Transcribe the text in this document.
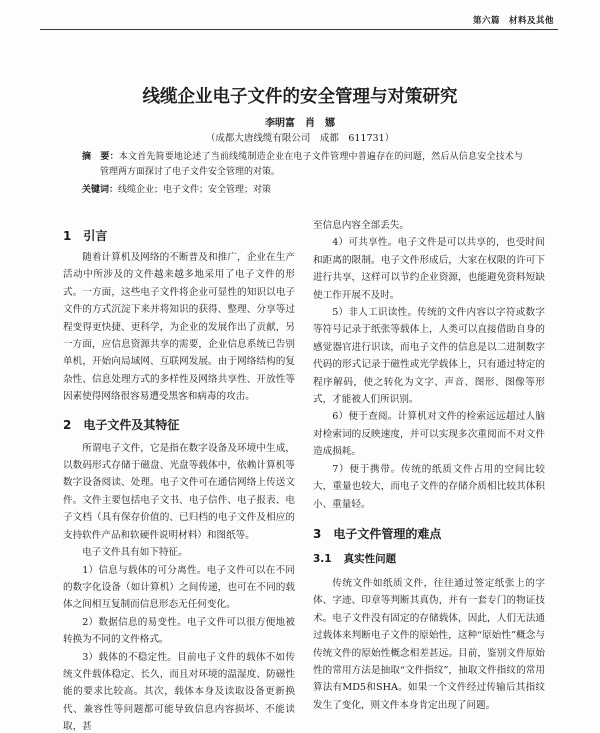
第六篇　材料及其他
线缆企业电子文件的安全管理与对策研究
李明富　肖　娜
（成都大唐线缆有限公司　成都　611731）

摘　要：本文首先简要地论述了当前线缆制造企业在电子文件管理中普遍存在的问题，然后从信息安全技术与管理两方面探讨了电子文件安全管理的对策。

关键词：线缆企业；电子文件；安全管理；对策

1 引言

随着计算机及网络的不断普及和推广，企业在生产活动中所涉及的文件越来越多地采用了电子文件的形式。一方面，这些电子文件将企业可显性的知识以电子文件的方式沉淀下来并将知识的获得、整理、分享等过程变得更快捷、更科学，为企业的发展作出了贡献，另一方面，应信息资源共享的需要，企业信息系统已告别单机，开始向局域网、互联网发展。由于网络结构的复杂性、信息处理方式的多样性及网络共享性、开放性等因素使得网络很容易遭受黑客和病毒的攻击。

2 电子文件及其特征

所谓电子文件，它是指在数字设备及环境中生成，以数码形式存储于磁盘、光盘等载体中，依赖计算机等数字设备阅读、处理。电子文件可在通信网络上传送文件。文件主要包括电子文书、电子信件、电子报表、电子文档（具有保存价值的、已归档的电子文件及相应的支持软件产品和软硬件说明材料）和图纸等。

电子文件具有如下特征。

1）信息与载体的可分离性。电子文件可以在不同的数字化设备（如计算机）之间传递，也可在不同的载体之间相互复制而信息形态无任何变化。

2）数据信息的易变性。电子文件可以很方便地被转换为不同的文件格式。

3）载体的不稳定性。目前电子文件的载体不如传统文件载体稳定、长久，而且对环境的温湿度、防磁性能的要求比较高。其次，载体本身及读取设备更新换代、兼容性等问题都可能导致信息内容损坏、不能读取，甚

至信息内容全部丢失。

4）可共享性。电子文件是可以共享的，也受时间和距离的限制。电子文件形成后，大家在权限的许可下进行共享，这样可以节约企业资源，也能避免资料短缺使工作开展不及时。

5）非人工识读性。传统的文件内容以字符或数字等符号记录于纸张等载体上，人类可以直接借助自身的感觉器官进行识读，而电子文件的信息是以二进制数字代码的形式记录于磁性或光学载体上，只有通过特定的程序解码，使之转化为文字、声音、图形、图像等形式，才能被人们所识别。

6）便于查阅。计算机对文件的检索远远超过人脑对检索词的反映速度，并可以实现多次重阅而不对文件造成损耗。

7）便于携带。传统的纸质文件占用的空间比较大，重量也较大，而电子文件的存储介质相比较其体积小、重量轻。

3 电子文件管理的难点
3.1 真实性问题

传统文件如纸质文件，往往通过签定纸张上的字体、字迹、印章等判断其真伪，并有一套专门的物证技术。电子文件没有固定的存储载体，因此，人们无法通过载体来判断电子文件的原始性，这种“原始性”概念与传统文件的原始性概念相差甚远。目前，鉴别文件原始性的常用方法是抽取“文件指纹”，抽取文件指纹的常用算法有MD5和SHA。如果一个文件经过传输后其指纹发生了变化，则文件本身肯定出现了问题。
